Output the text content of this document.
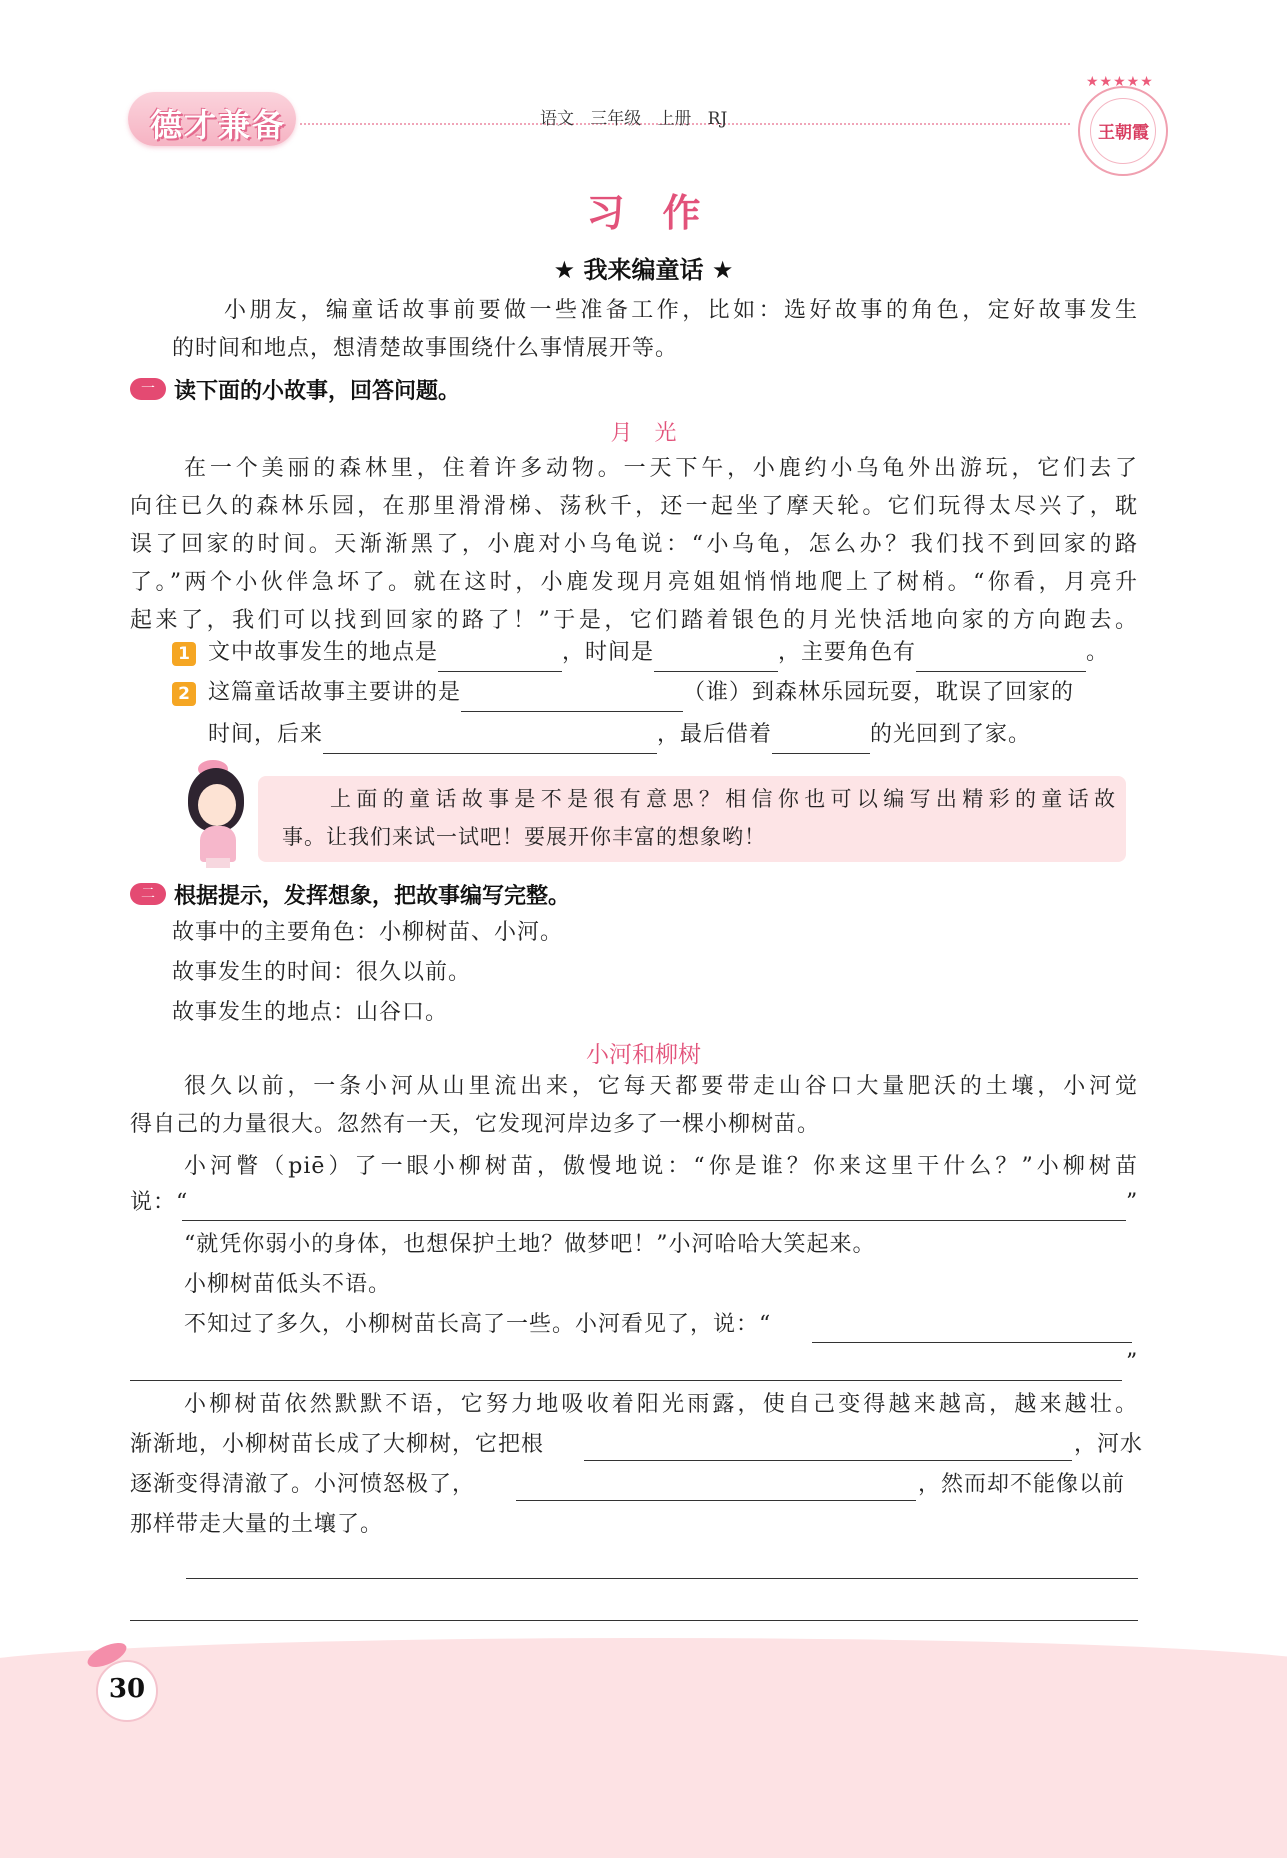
德才兼备	语文 三年级 上册 RJ
★★★★★
王朝霞
习作
★ 我来编童话 ★
小朋友，编童话故事前要做一些准备工作，比如：选好故事的角色，定好故事发生
的时间和地点，想清楚故事围绕什么事情展开等。
一 读下面的小故事，回答问题。
月　光
在一个美丽的森林里，住着许多动物。一天下午，小鹿约小乌龟外出游玩，它们去了
向往已久的森林乐园，在那里滑滑梯、荡秋千，还一起坐了摩天轮。它们玩得太尽兴了，耽
误了回家的时间。天渐渐黑了，小鹿对小乌龟说：“小乌龟，怎么办？我们找不到回家的路
了。”两个小伙伴急坏了。就在这时，小鹿发现月亮姐姐悄悄地爬上了树梢。“你看，月亮升
起来了，我们可以找到回家的路了！”于是，它们踏着银色的月光快活地向家的方向跑去。
1 文中故事发生的地点是	，时间是	，主要角色有	。
2 这篇童话故事主要讲的是	（谁）到森林乐园玩耍，耽误了回家的
时间，后来	，最后借着	的光回到了家。
上面的童话故事是不是很有意思？相信你也可以编写出精彩的童话故
事。让我们来试一试吧！要展开你丰富的想象哟！
二 根据提示，发挥想象，把故事编写完整。
故事中的主要角色：小柳树苗、小河。
故事发生的时间：很久以前。
故事发生的地点：山谷口。
小河和柳树
很久以前，一条小河从山里流出来，它每天都要带走山谷口大量肥沃的土壤，小河觉
得自己的力量很大。忽然有一天，它发现河岸边多了一棵小柳树苗。
小河瞥（piē）了一眼小柳树苗，傲慢地说：“你是谁？你来这里干什么？”小柳树苗
说：“	”
“就凭你弱小的身体，也想保护土地？做梦吧！”小河哈哈大笑起来。
小柳树苗低头不语。
不知过了多久，小柳树苗长高了一些。小河看见了，说：“
”
小柳树苗依然默默不语，它努力地吸收着阳光雨露，使自己变得越来越高，越来越壮。
渐渐地，小柳树苗长成了大柳树，它把根	，河水
逐渐变得清澈了。小河愤怒极了，	，然而却不能像以前
那样带走大量的土壤了。
30
